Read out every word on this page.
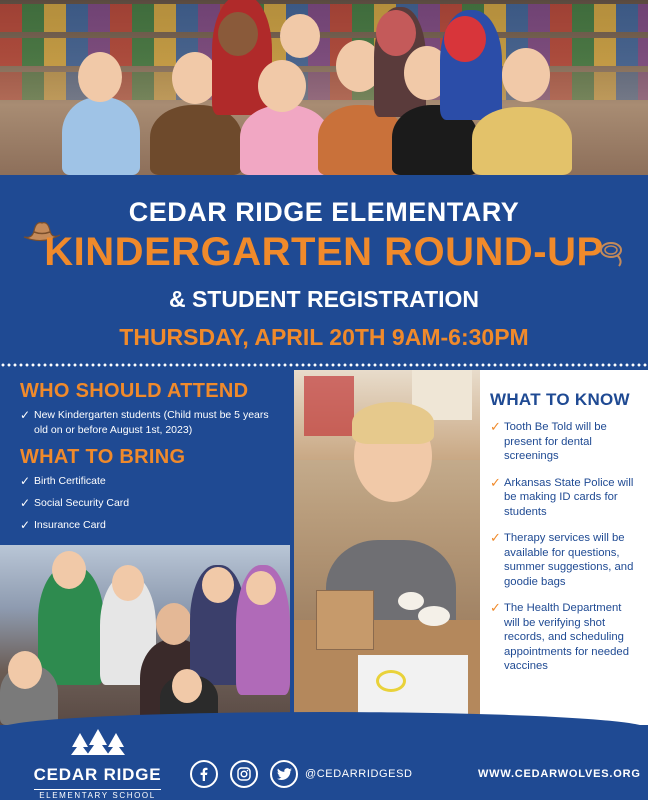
CEDAR RIDGE ELEMENTARY
KINDERGARTEN ROUND-UP
& STUDENT REGISTRATION
THURSDAY, APRIL 20TH 9AM-6:30PM
WHO SHOULD ATTEND
✓ New Kindergarten students (Child must be 5 years old on or before August 1st, 2023)
WHAT TO BRING
✓ Birth Certificate
✓ Social Security Card
✓ Insurance Card
WHAT TO KNOW
✓ Tooth Be Told will be present for dental screenings
✓ Arkansas State Police will be making ID cards for students
✓ Therapy services will be available for questions, summer suggestions, and goodie bags
✓ The Health Department will be verifying shot records, and scheduling appointments for needed vaccines
CEDAR RIDGE
ELEMENTARY SCHOOL
@CEDARRIDGESD	WWW.CEDARWOLVES.ORG
